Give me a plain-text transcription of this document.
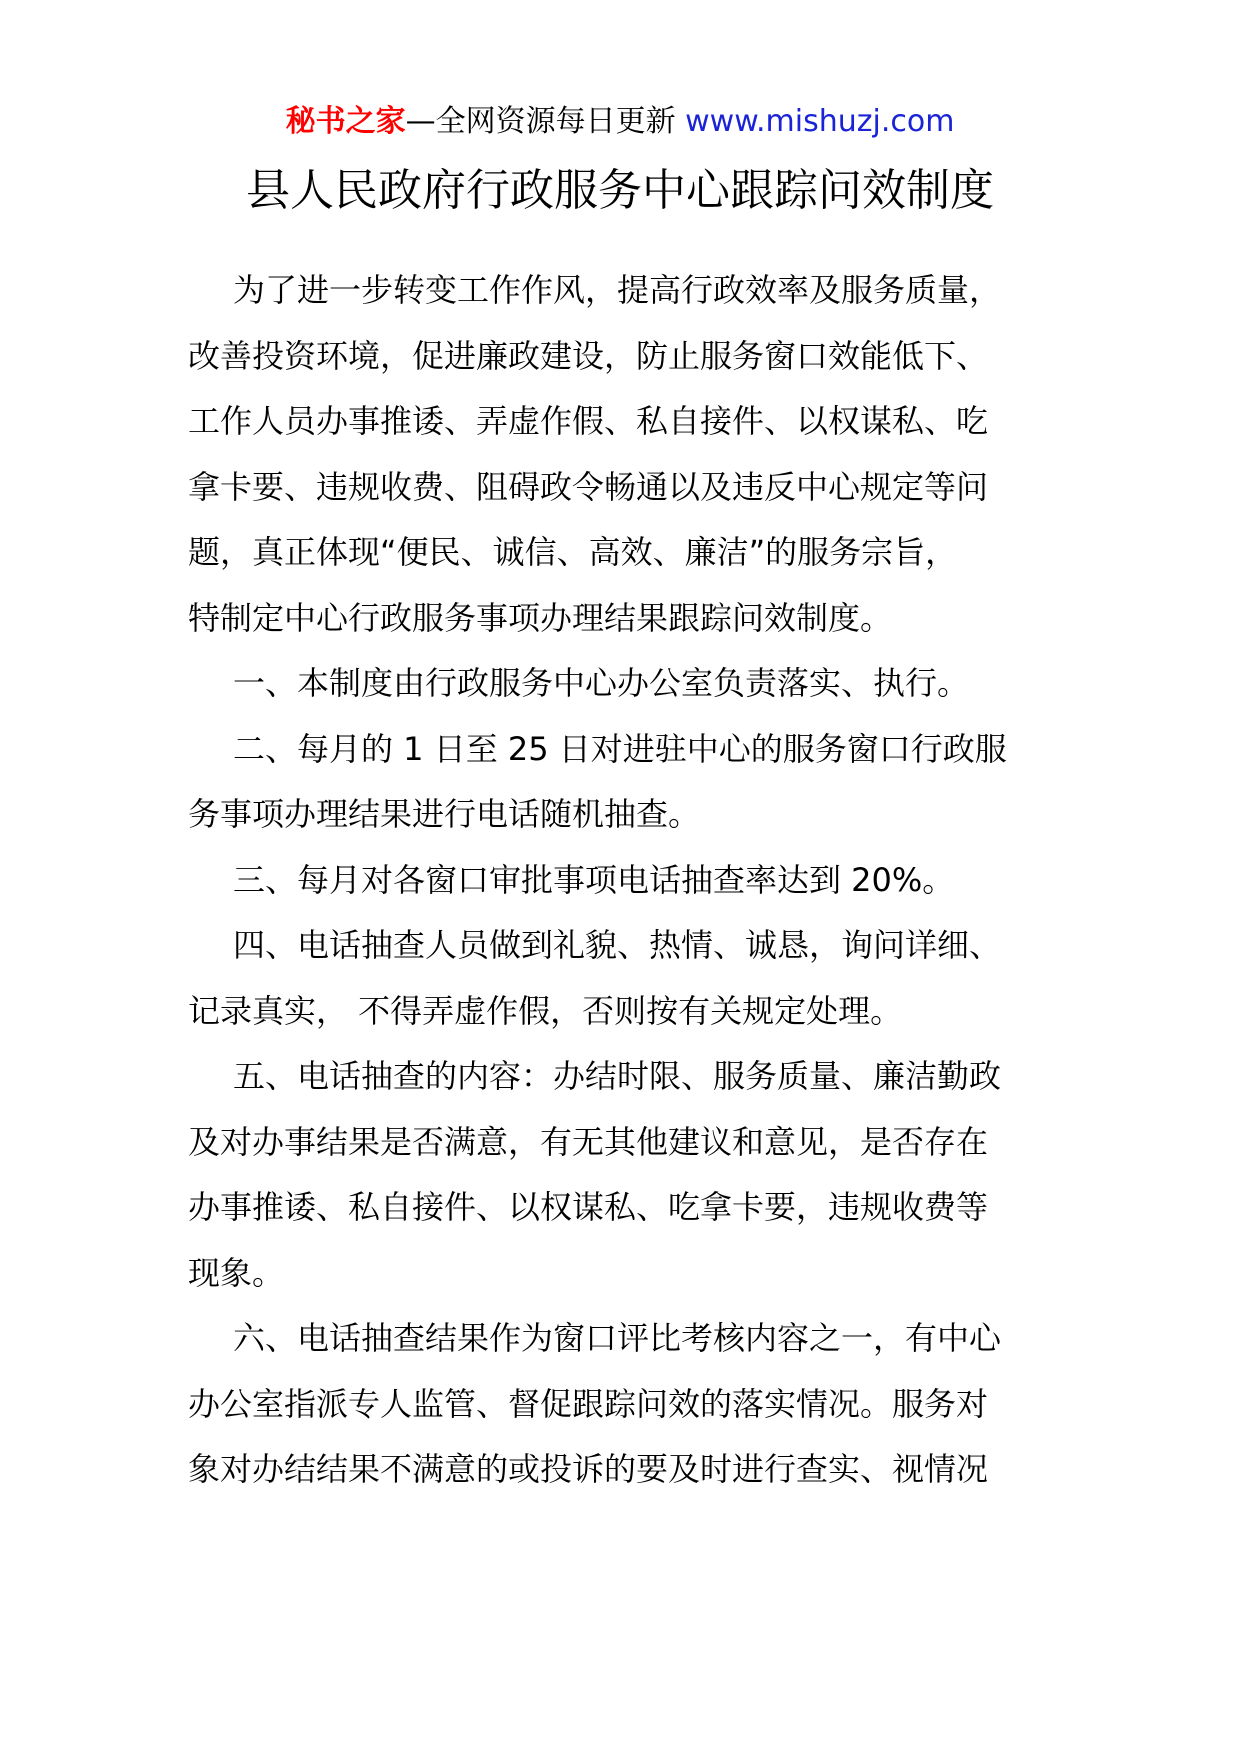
秘书之家—全网资源每日更新 www.mishuzj.com
县人民政府行政服务中心跟踪问效制度
为了进一步转变工作作风，提高行政效率及服务质量，
改善投资环境，促进廉政建设，防止服务窗口效能低下、
工作人员办事推诿、弄虚作假、私自接件、以权谋私、吃
拿卡要、违规收费、阻碍政令畅通以及违反中心规定等问
题，真正体现“便民、诚信、高效、廉洁”的服务宗旨，
特制定中心行政服务事项办理结果跟踪问效制度。
一、本制度由行政服务中心办公室负责落实、执行。
二、每月的 1 日至 25 日对进驻中心的服务窗口行政服
务事项办理结果进行电话随机抽查。
三、每月对各窗口审批事项电话抽查率达到 20%。
四、电话抽查人员做到礼貌、热情、诚恳，询问详细、
记录真实， 不得弄虚作假，否则按有关规定处理。
五、电话抽查的内容：办结时限、服务质量、廉洁勤政
及对办事结果是否满意，有无其他建议和意见，是否存在
办事推诿、私自接件、以权谋私、吃拿卡要，违规收费等
现象。
六、电话抽查结果作为窗口评比考核内容之一，有中心
办公室指派专人监管、督促跟踪问效的落实情况。服务对
象对办结结果不满意的或投诉的要及时进行查实、视情况
